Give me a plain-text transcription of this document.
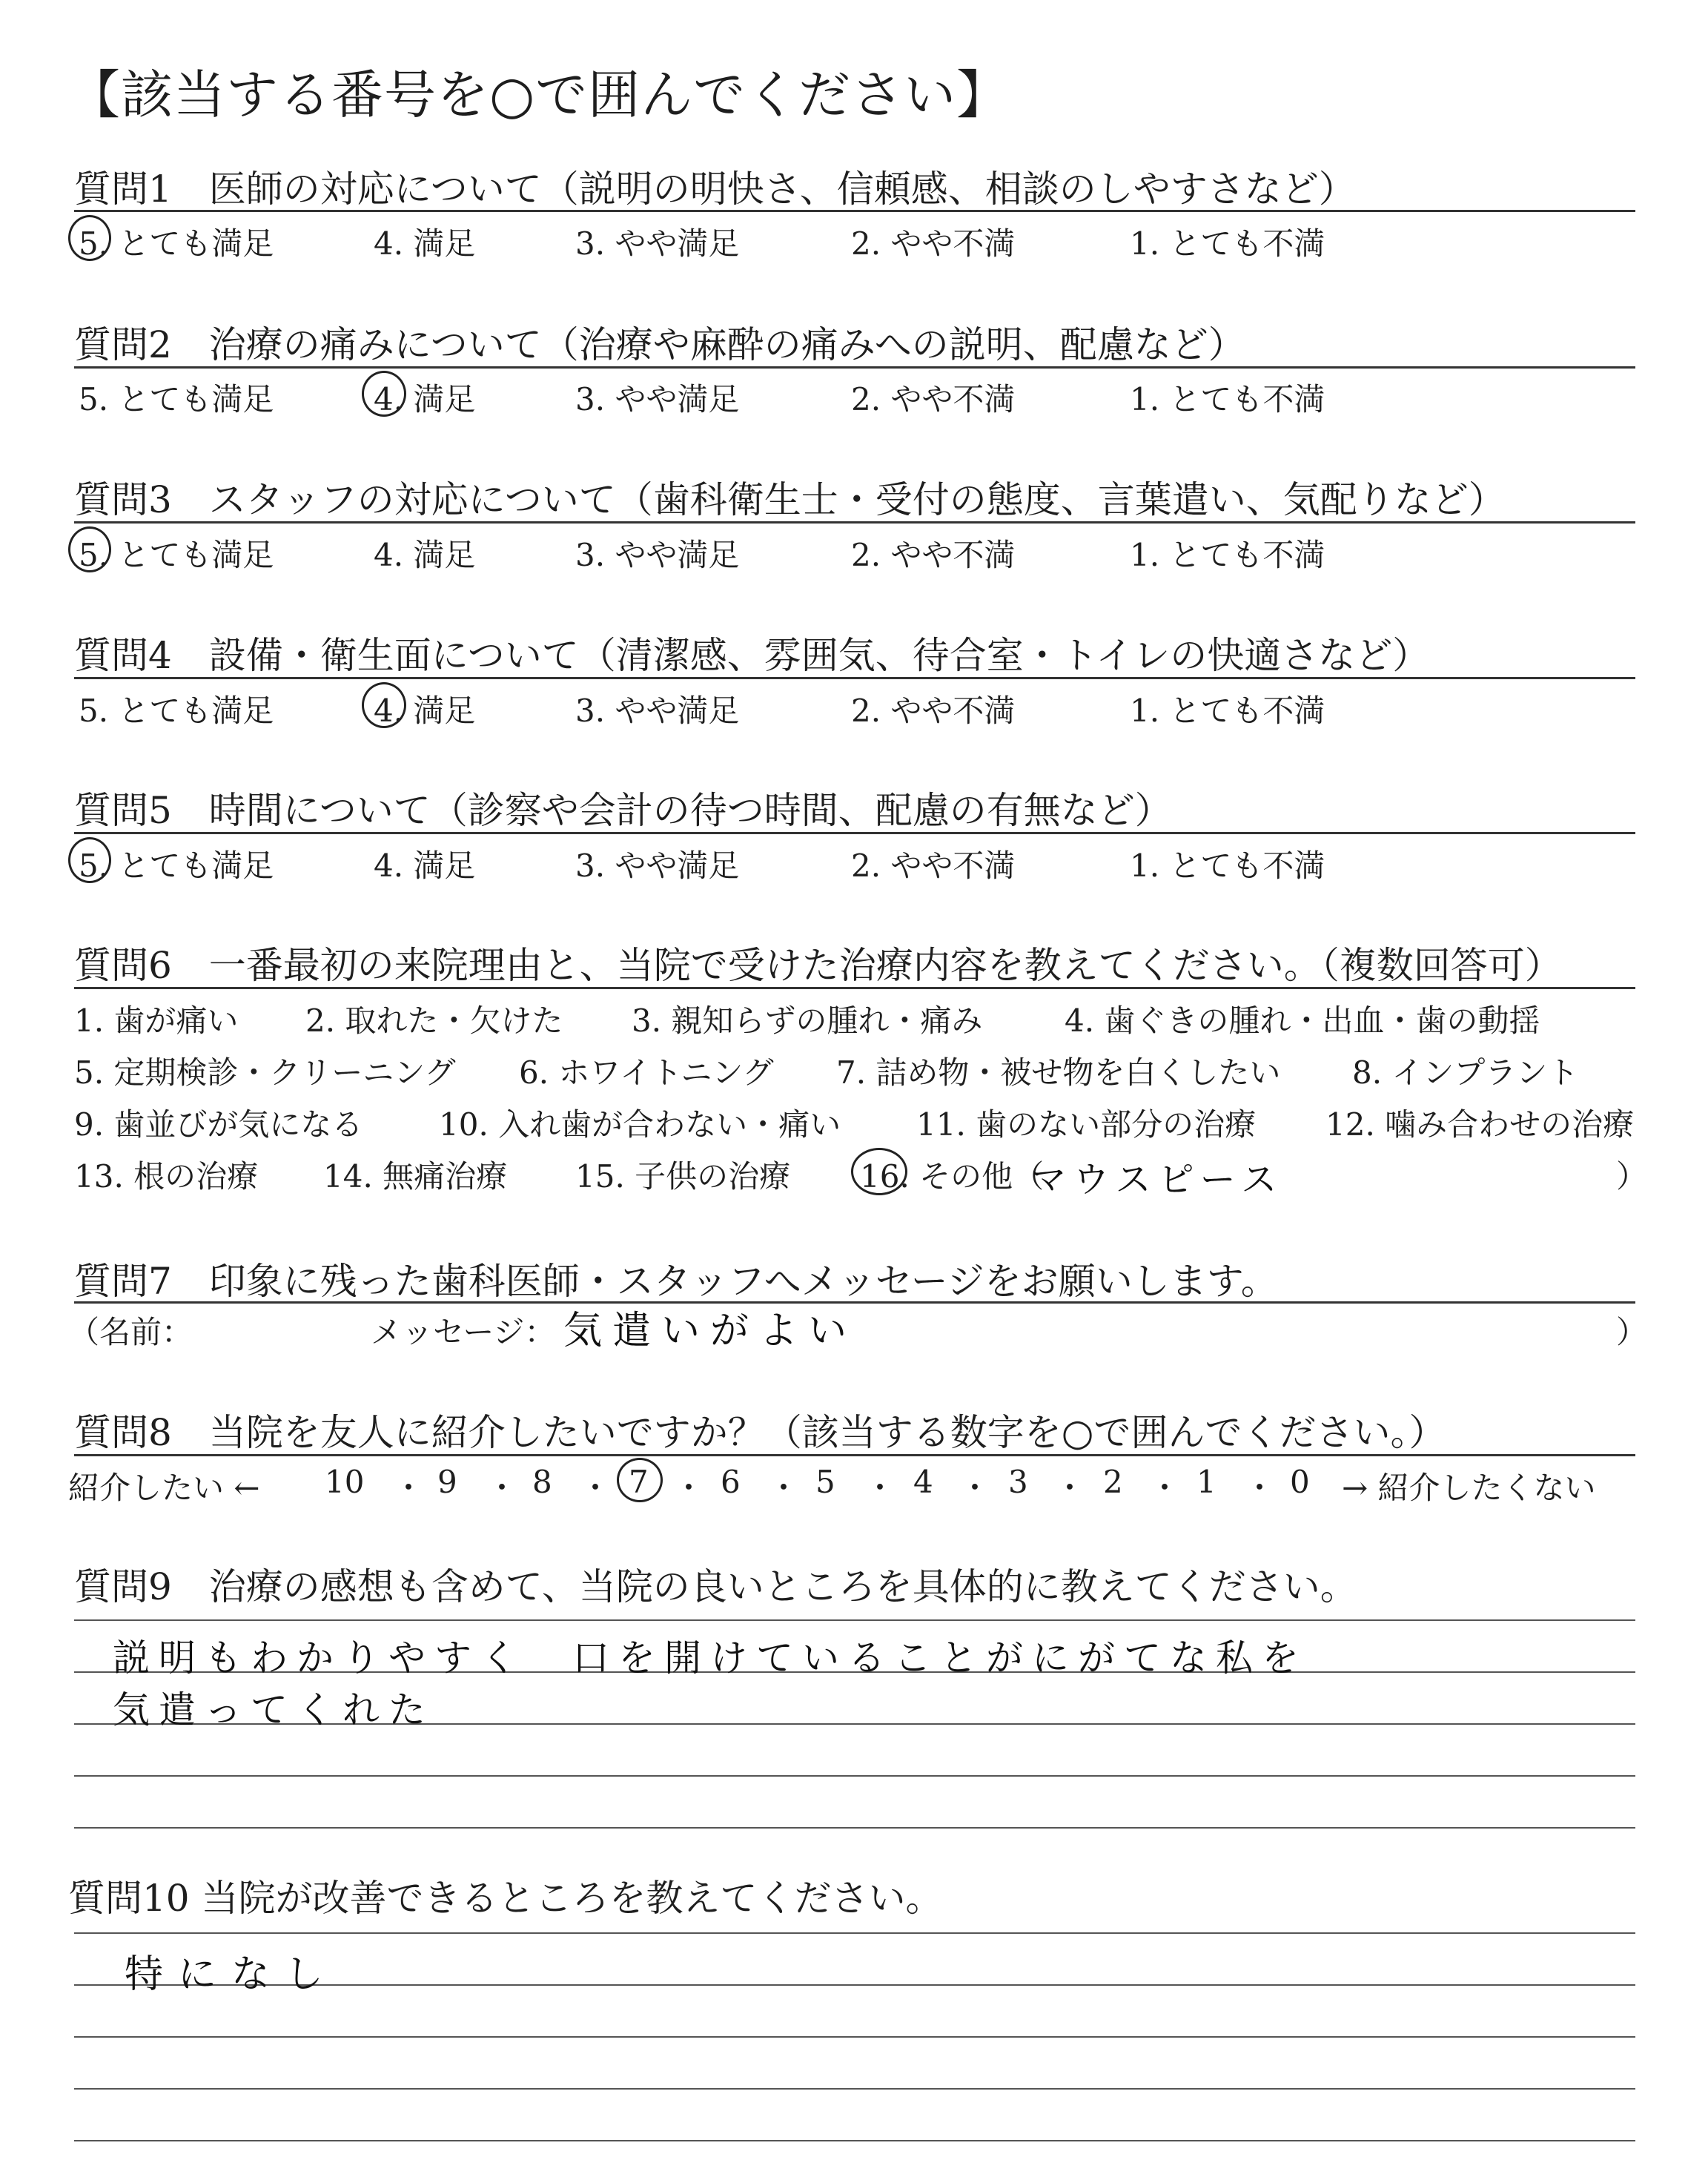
【該当する番号を○で囲んでください】
質問1　医師の対応について（説明の明快さ、信頼感、相談のしやすさなど）
5. とても満足	4. 満足	3. やや満足	2. やや不満	1. とても不満
質問2　治療の痛みについて（治療や麻酔の痛みへの説明、配慮など）
5. とても満足	4. 満足	3. やや満足	2. やや不満	1. とても不満
質問3　スタッフの対応について（歯科衛生士・受付の態度、言葉遣い、気配りなど）
5. とても満足	4. 満足	3. やや満足	2. やや不満	1. とても不満
質問4　設備・衛生面について（清潔感、雰囲気、待合室・トイレの快適さなど）
5. とても満足	4. 満足	3. やや満足	2. やや不満	1. とても不満
質問5　時間について（診察や会計の待つ時間、配慮の有無など）
5. とても満足	4. 満足	3. やや満足	2. やや不満	1. とても不満
質問6　一番最初の来院理由と、当院で受けた治療内容を教えてください。（複数回答可）
1. 歯が痛い 2. 取れた・欠けた 3. 親知らずの腫れ・痛み	4. 歯ぐきの腫れ・出血・歯の動揺
5. 定期検診・クリーニング 6. ホワイトニング 7. 詰め物・被せ物を白くしたい 8. インプラント
9. 歯並びが気になる 10. 入れ歯が合わない・痛い 11. 歯のない部分の治療 12. 噛み合わせの治療
13. 根の治療 14. 無痛治療 15. 子供の治療 16. その他（
マウスピース	）
質問7　印象に残った歯科医師・スタッフへメッセージをお願いします。
（名前：	メッセージ： 気遣いがよい	）
質問8　当院を友人に紹介したいですか？（該当する数字を○で囲んでください。）
紹介したい ← 10 ・ 9 ・ 8 ・ 7 ・ 6 ・ 5 ・ 4 ・ 3 ・ 2 ・ 1 ・ 0 → 紹介したくない
質問9　治療の感想も含めて、当院の良いところを具体的に教えてください。
説明もわかりやすく　口を開けていることがにがてな私を
気遣ってくれた
質問10 当院が改善できるところを教えてください。
特になし
